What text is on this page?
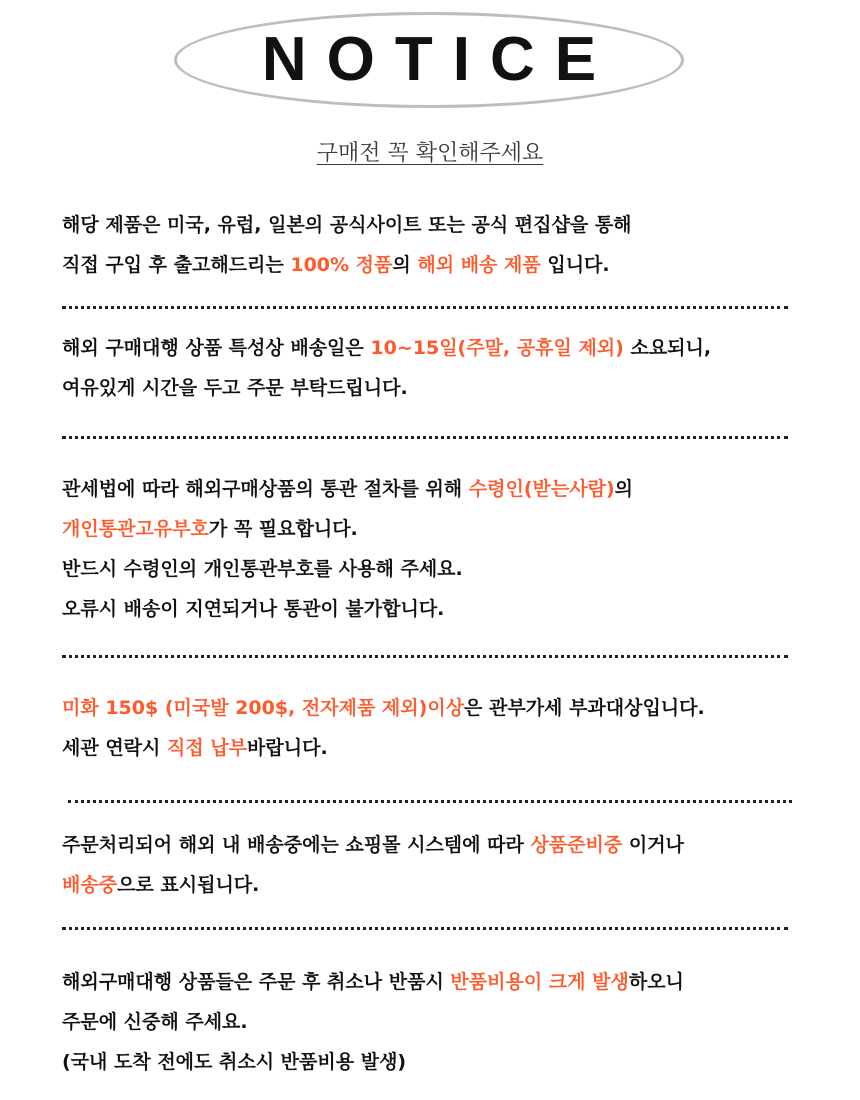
NOTICE
구매전 꼭 확인해주세요
해당 제품은 미국, 유럽, 일본의 공식사이트 또는 공식 편집샵을 통해
직접 구입 후 출고해드리는 100% 정품의 해외 배송 제품 입니다.
해외 구매대행 상품 특성상 배송일은 10~15일(주말, 공휴일 제외) 소요되니,
여유있게 시간을 두고 주문 부탁드립니다.
관세법에 따라 해외구매상품의 통관 절차를 위해 수령인(받는사람)의
개인통관고유부호가 꼭 필요합니다.
반드시 수령인의 개인통관부호를 사용해 주세요.
오류시 배송이 지연되거나 통관이 불가합니다.
미화 150$ (미국발 200$, 전자제품 제외)이상은 관부가세 부과대상입니다.
세관 연락시 직접 납부바랍니다.
주문처리되어 해외 내 배송중에는 쇼핑몰 시스템에 따라 상품준비중 이거나
배송중으로 표시됩니다.
해외구매대행 상품들은 주문 후 취소나 반품시 반품비용이 크게 발생하오니
주문에 신중해 주세요.
(국내 도착 전에도 취소시 반품비용 발생)
